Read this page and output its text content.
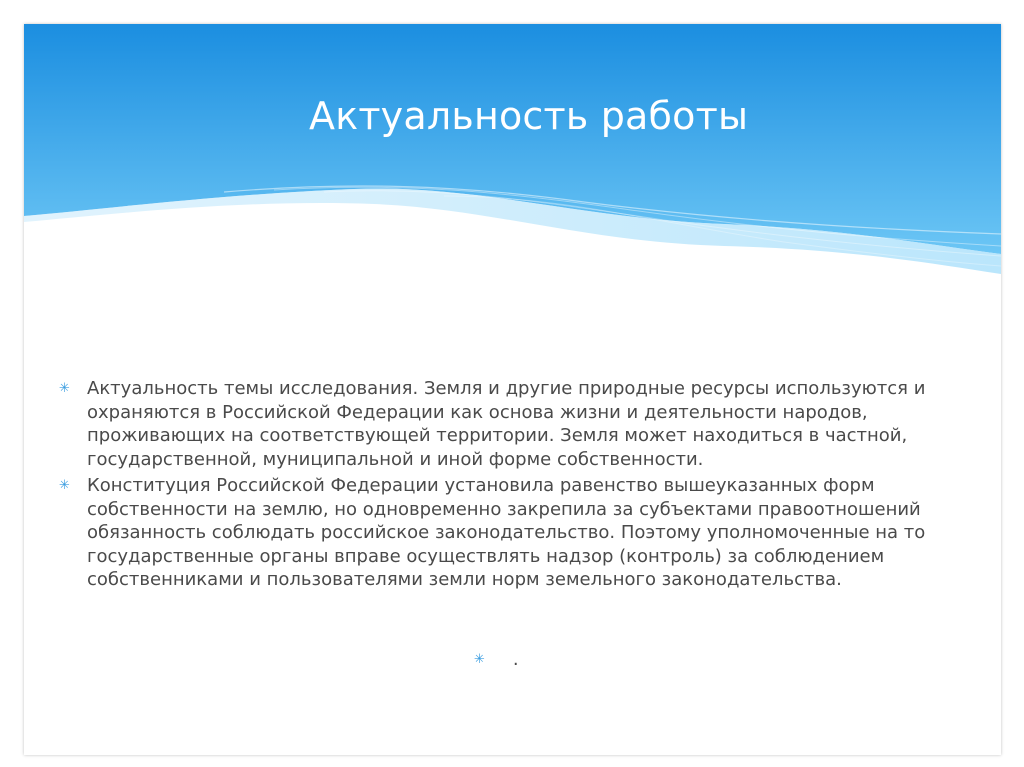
Актуальность работы

✳ Актуальность темы исследования. Земля и другие природные ресурсы используются и охраняются в Российской Федерации как основа жизни и деятельности народов, проживающих на соответствующей территории. Земля может находиться в частной, государственной, муниципальной и иной форме собственности.

✳ Конституция Российской Федерации установила равенство вышеуказанных форм собственности на землю, но одновременно закрепила за субъектами правоотношений обязанность соблюдать российское законодательство. Поэтому уполномоченные на то государственные органы вправе осуществлять надзор (контроль) за соблюдением собственниками и пользователями земли норм земельного законодательства.

✳ .
